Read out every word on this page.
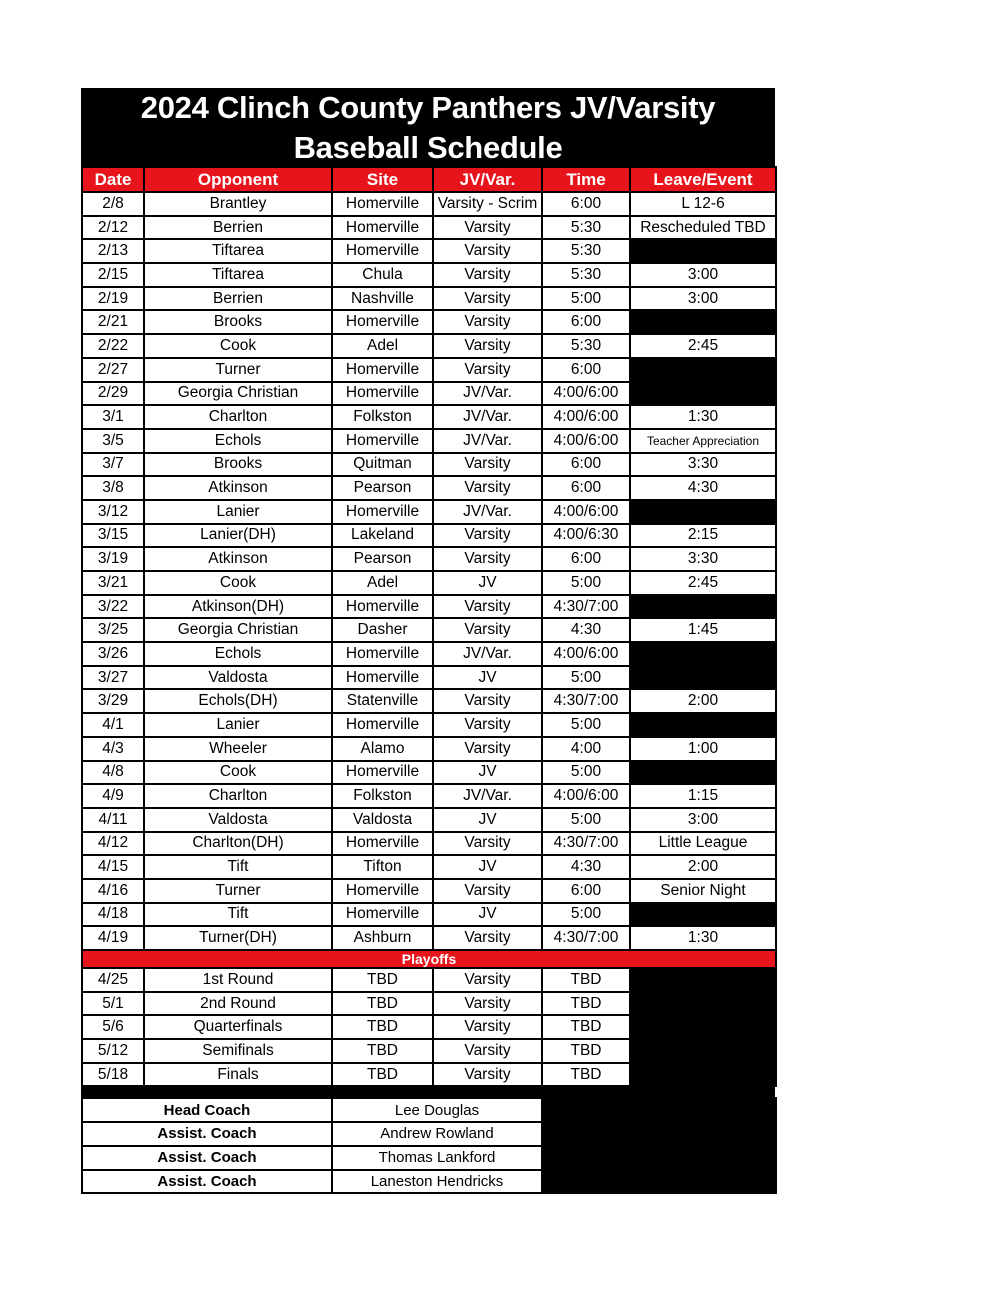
2024 Clinch County Panthers JV/Varsity
Baseball Schedule
Date	Opponent	Site	JV/Var.	Time	Leave/Event
2/8	Brantley	Homerville	Varsity - Scrim	6:00	L 12-6
2/12	Berrien	Homerville	Varsity	5:30	Rescheduled TBD
2/13	Tiftarea	Homerville	Varsity	5:30	
2/15	Tiftarea	Chula	Varsity	5:30	3:00
2/19	Berrien	Nashville	Varsity	5:00	3:00
2/21	Brooks	Homerville	Varsity	6:00	
2/22	Cook	Adel	Varsity	5:30	2:45
2/27	Turner	Homerville	Varsity	6:00	
2/29	Georgia Christian	Homerville	JV/Var.	4:00/6:00	
3/1	Charlton	Folkston	JV/Var.	4:00/6:00	1:30
3/5	Echols	Homerville	JV/Var.	4:00/6:00	Teacher Appreciation
3/7	Brooks	Quitman	Varsity	6:00	3:30
3/8	Atkinson	Pearson	Varsity	6:00	4:30
3/12	Lanier	Homerville	JV/Var.	4:00/6:00	
3/15	Lanier(DH)	Lakeland	Varsity	4:00/6:30	2:15
3/19	Atkinson	Pearson	Varsity	6:00	3:30
3/21	Cook	Adel	JV	5:00	2:45
3/22	Atkinson(DH)	Homerville	Varsity	4:30/7:00	
3/25	Georgia Christian	Dasher	Varsity	4:30	1:45
3/26	Echols	Homerville	JV/Var.	4:00/6:00	
3/27	Valdosta	Homerville	JV	5:00	
3/29	Echols(DH)	Statenville	Varsity	4:30/7:00	2:00
4/1	Lanier	Homerville	Varsity	5:00	
4/3	Wheeler	Alamo	Varsity	4:00	1:00
4/8	Cook	Homerville	JV	5:00	
4/9	Charlton	Folkston	JV/Var.	4:00/6:00	1:15
4/11	Valdosta	Valdosta	JV	5:00	3:00
4/12	Charlton(DH)	Homerville	Varsity	4:30/7:00	Little League
4/15	Tift	Tifton	JV	4:30	2:00
4/16	Turner	Homerville	Varsity	6:00	Senior Night
4/18	Tift	Homerville	JV	5:00	
4/19	Turner(DH)	Ashburn	Varsity	4:30/7:00	1:30
Playoffs					
4/25	1st Round	TBD	Varsity	TBD	
5/1	2nd Round	TBD	Varsity	TBD	
5/6	Quarterfinals	TBD	Varsity	TBD	
5/12	Semifinals	TBD	Varsity	TBD	
5/18	Finals	TBD	Varsity	TBD	
Head Coach	Lee Douglas	
Assist. Coach	Andrew Rowland	
Assist. Coach	Thomas Lankford	
Assist. Coach	Laneston Hendricks	
